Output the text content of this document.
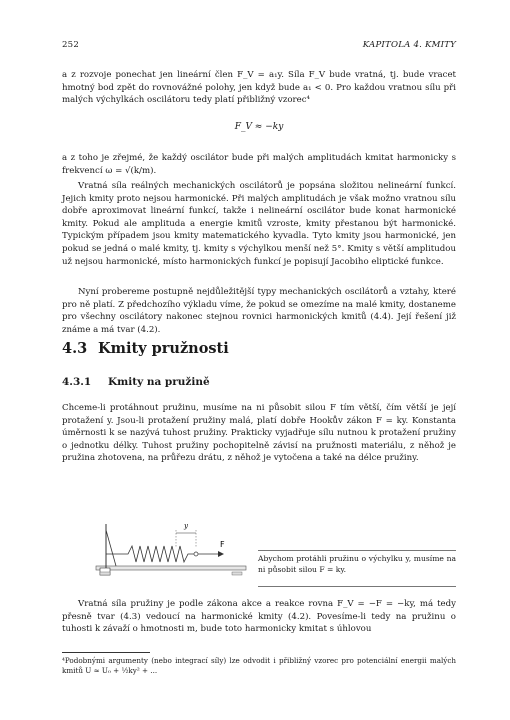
252	KAPITOLA 4. KMITY

a z rozvoje ponechat jen lineární člen F_V = a₁y. Síla F_V bude vratná, tj. bude vracet hmotný bod zpět do rovnovážné polohy, jen když bude a₁ < 0. Pro každou vratnou sílu při malých výchylkách oscilátoru tedy platí přibližný vzorec⁴

F_V ≈ −ky

a z toho je zřejmé, že každý oscilátor bude při malých amplitudách kmitat harmonicky s frekvencí ω = √(k/m).

Vratná síla reálných mechanických oscilátorů je popsána složitou nelineární funkcí. Jejich kmity proto nejsou harmonické. Při malých amplitudách je však možno vratnou sílu dobře aproximovat lineární funkcí, takže i nelineární oscilátor bude konat harmonické kmity. Pokud ale amplituda a energie kmitů vzroste, kmity přestanou být harmonické. Typickým případem jsou kmity matematického kyvadla. Tyto kmity jsou harmonické, jen pokud se jedná o malé kmity, tj. kmity s výchylkou menší než 5°. Kmity s větší amplitudou už nejsou harmonické, místo harmonických funkcí je popisují Jacobiho eliptické funkce.

Nyní probereme postupně nejdůležitější typy mechanických oscilátorů a vztahy, které pro ně platí. Z předchozího výkladu víme, že pokud se omezíme na malé kmity, dostaneme pro všechny oscilátory nakonec stejnou rovnici harmonických kmitů (4.4). Její řešení již známe a má tvar (4.2).

4.3 Kmity pružnosti
4.3.1 Kmity na pružině

Chceme-li protáhnout pružinu, musíme na ni působit silou F tím větší, čím větší je její protažení y. Jsou-li protažení pružiny malá, platí dobře Hookův zákon F = ky. Konstanta úměrnosti k se nazývá tuhost pružiny. Prakticky vyjadřuje sílu nutnou k protažení pružiny o jednotku délky. Tuhost pružiny pochopitelně závisí na pružnosti materiálu, z něhož je pružina zhotovena, na průřezu drátu, z něhož je vytočena a také na délce pružiny.

y
F
Abychom protáhli pružinu o výchylku y, musíme na ni působit silou F = ky.

Vratná síla pružiny je podle zákona akce a reakce rovna F_V = −F = −ky, má tedy přesně tvar (4.3) vedoucí na harmonické kmity (4.2). Povesíme-li tedy na pružinu o tuhosti k závaží o hmotnosti m, bude toto harmonicky kmitat s úhlovou

⁴Podobnými argumenty (nebo integrací síly) lze odvodit i přibližný vzorec pro potenciální energii malých kmitů U ≈ U₀ + ½ky² + ...
